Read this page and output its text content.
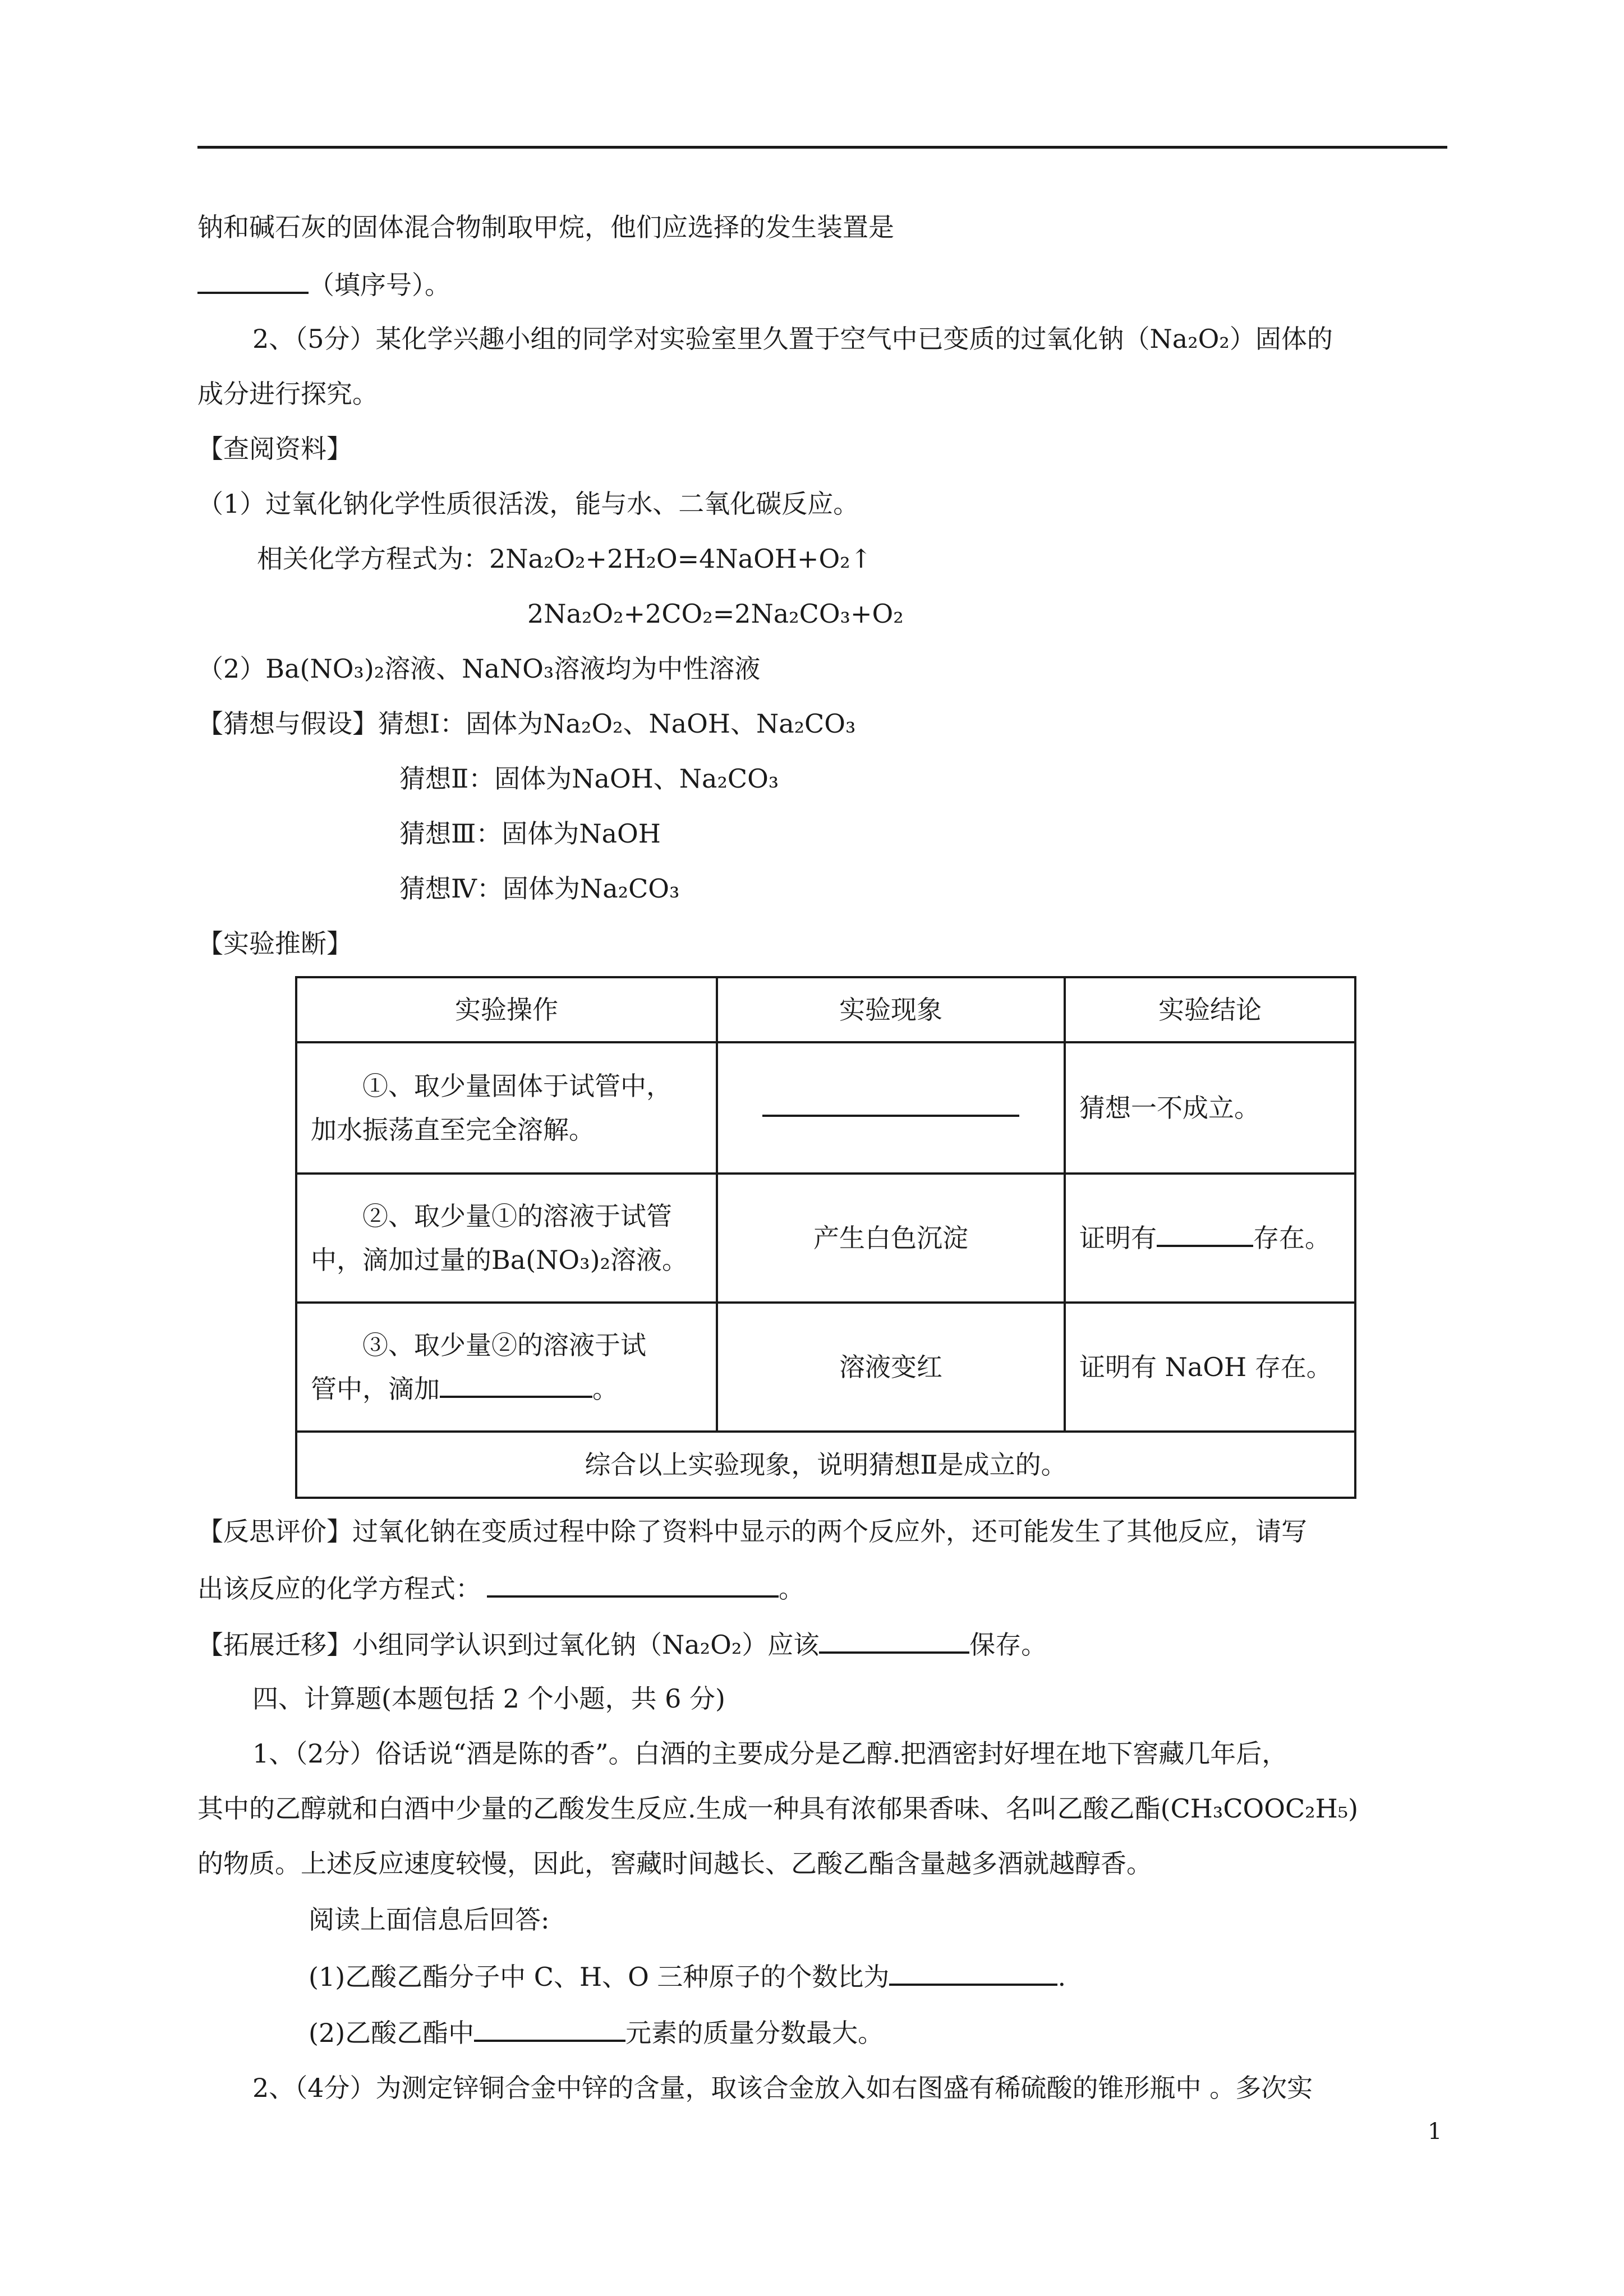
钠和碱石灰的固体混合物制取甲烷，他们应选择的发生装置是
（填序号）。
2、（5分）某化学兴趣小组的同学对实验室里久置于空气中已变质的过氧化钠（Na₂O₂）固体的
成分进行探究。
【查阅资料】
（1）过氧化钠化学性质很活泼，能与水、二氧化碳反应。
相关化学方程式为：2Na₂O₂+2H₂O=4NaOH+O₂↑
2Na₂O₂+2CO₂=2Na₂CO₃+O₂
（2）Ba(NO₃)₂溶液、NaNO₃溶液均为中性溶液
【猜想与假设】猜想Ⅰ：固体为Na₂O₂、NaOH、Na₂CO₃
猜想Ⅱ：固体为NaOH、Na₂CO₃
猜想Ⅲ：固体为NaOH
猜想Ⅳ：固体为Na₂CO₃
【实验推断】
实验操作	实验现象	实验结论

①、取少量固体于试管中，
加水振荡直至完全溶解。		猜想一不成立。

②、取少量①的溶液于试管
中，滴加过量的Ba(NO₃)₂溶液。	产生白色沉淀	证明有 存在。

③、取少量②的溶液于试
管中，滴加 。	溶液变红	证明有 NaOH 存在。
综合以上实验现象，说明猜想Ⅱ是成立的。		
【反思评价】过氧化钠在变质过程中除了资料中显示的两个反应外，还可能发生了其他反应，请写
出该反应的化学方程式：	。
【拓展迁移】小组同学认识到过氧化钠（Na₂O₂）应该	保存。
四、计算题(本题包括 2 个小题，共 6 分)
1、（2分）俗话说“酒是陈的香”。白酒的主要成分是乙醇.把酒密封好埋在地下窖藏几年后，
其中的乙醇就和白酒中少量的乙酸发生反应.生成一种具有浓郁果香味、名叫乙酸乙酯(CH₃COOC₂H₅)
的物质。上述反应速度较慢，因此，窖藏时间越长、乙酸乙酯含量越多酒就越醇香。
阅读上面信息后回答:
(1)乙酸乙酯分子中 C、H、O 三种原子的个数比为	.
(2)乙酸乙酯中	元素的质量分数最大。
2、（4分）为测定锌铜合金中锌的含量，取该合金放入如右图盛有稀硫酸的锥形瓶中 。多次实
1
